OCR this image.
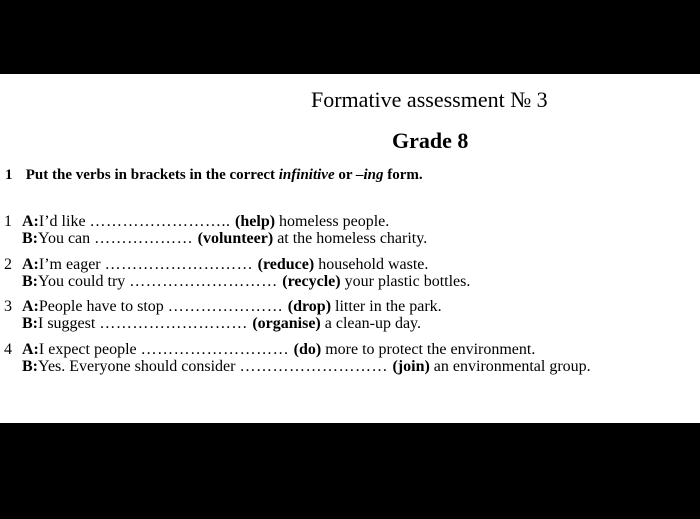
Formative assessment № 3
Grade 8
1 Put the verbs in brackets in the correct infinitive or –ing form.
1 A:I’d like …………………….. (help) homeless people.
B:You can ……………… (volunteer) at the homeless charity.
2 A:I’m eager ……………………… (reduce) household waste.
B:You could try ……………………… (recycle) your plastic bottles.
3 A:People have to stop ………………… (drop) litter in the park.
B:I suggest ……………………… (organise) a clean-up day.
4 A:I expect people ……………………… (do) more to protect the environment.
B:Yes. Everyone should consider ……………………… (join) an environmental group.
